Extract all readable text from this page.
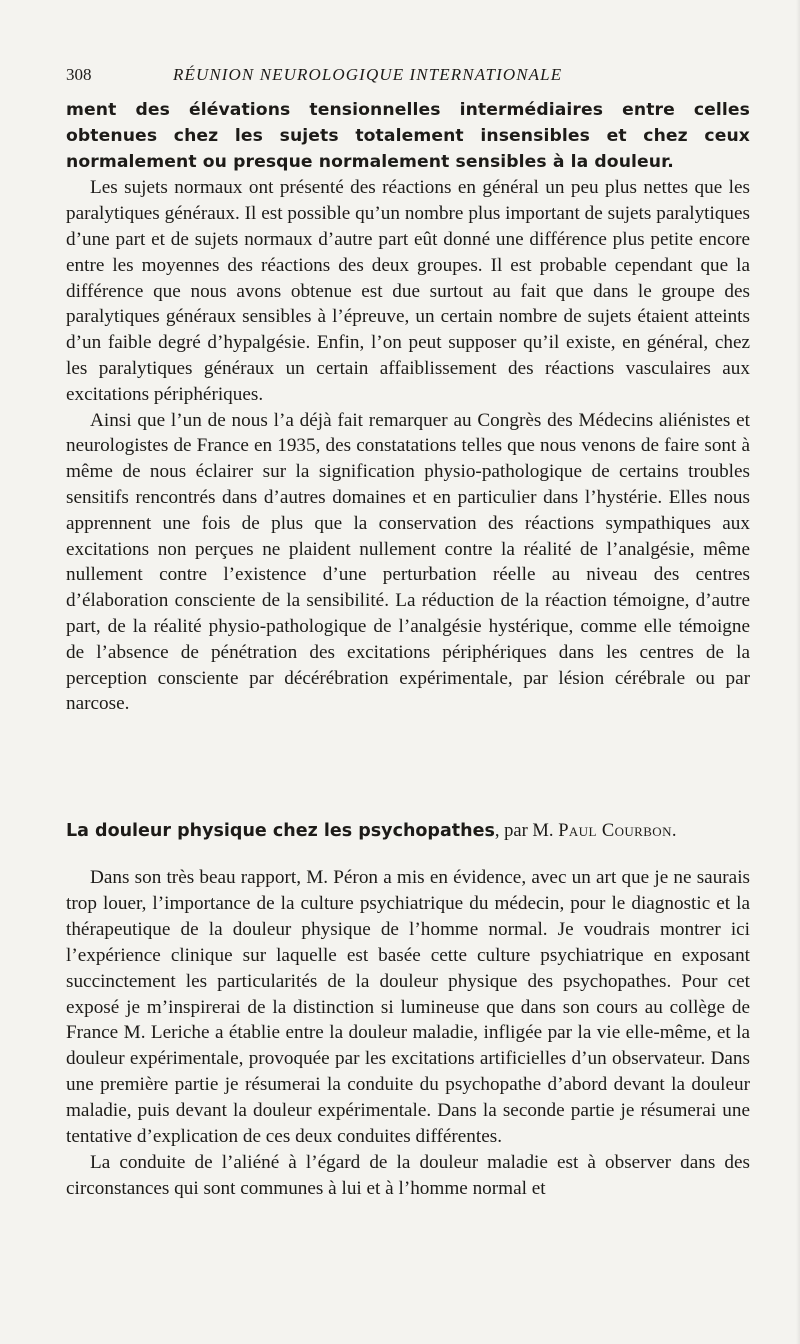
308	RÉUNION NEUROLOGIQUE INTERNATIONALE

ment des élévations tensionnelles intermédiaires entre celles obtenues chez les sujets totalement insensibles et chez ceux normalement ou presque normalement sensibles à la douleur.

Les sujets normaux ont présenté des réactions en général un peu plus nettes que les paralytiques généraux. Il est possible qu’un nombre plus important de sujets paralytiques d’une part et de sujets normaux d’autre part eût donné une différence plus petite encore entre les moyennes des réactions des deux groupes. Il est probable cependant que la différence que nous avons obtenue est due surtout au fait que dans le groupe des paralytiques généraux sensibles à l’épreuve, un certain nombre de sujets étaient atteints d’un faible degré d’hypalgésie. Enfin, l’on peut supposer qu’il existe, en général, chez les paralytiques généraux un certain affaiblissement des réactions vasculaires aux excitations périphériques.

Ainsi que l’un de nous l’a déjà fait remarquer au Congrès des Médecins aliénistes et neurologistes de France en 1935, des constatations telles que nous venons de faire sont à même de nous éclairer sur la signification physio-pathologique de certains troubles sensitifs rencontrés dans d’autres domaines et en particulier dans l’hystérie. Elles nous apprennent une fois de plus que la conservation des réactions sympathiques aux excitations non perçues ne plaident nullement contre la réalité de l’analgésie, même nullement contre l’existence d’une perturbation réelle au niveau des centres d’élaboration consciente de la sensibilité. La réduction de la réaction témoigne, d’autre part, de la réalité physio-pathologique de l’analgésie hystérique, comme elle témoigne de l’absence de pénétration des excitations périphériques dans les centres de la perception consciente par décérébration expérimentale, par lésion cérébrale ou par narcose.

La douleur physique chez les psychopathes, par M. Paul Courbon.

Dans son très beau rapport, M. Péron a mis en évidence, avec un art que je ne saurais trop louer, l’importance de la culture psychiatrique du médecin, pour le diagnostic et la thérapeutique de la douleur physique de l’homme normal. Je voudrais montrer ici l’expérience clinique sur laquelle est basée cette culture psychiatrique en exposant succinctement les particularités de la douleur physique des psychopathes. Pour cet exposé je m’inspirerai de la distinction si lumineuse que dans son cours au collège de France M. Leriche a établie entre la douleur maladie, infligée par la vie elle-même, et la douleur expérimentale, provoquée par les excitations artificielles d’un observateur. Dans une première partie je résumerai la conduite du psychopathe d’abord devant la douleur maladie, puis devant la douleur expérimentale. Dans la seconde partie je résumerai une tentative d’explication de ces deux conduites différentes.

La conduite de l’aliéné à l’égard de la douleur maladie est à observer dans des circonstances qui sont communes à lui et à l’homme normal et
